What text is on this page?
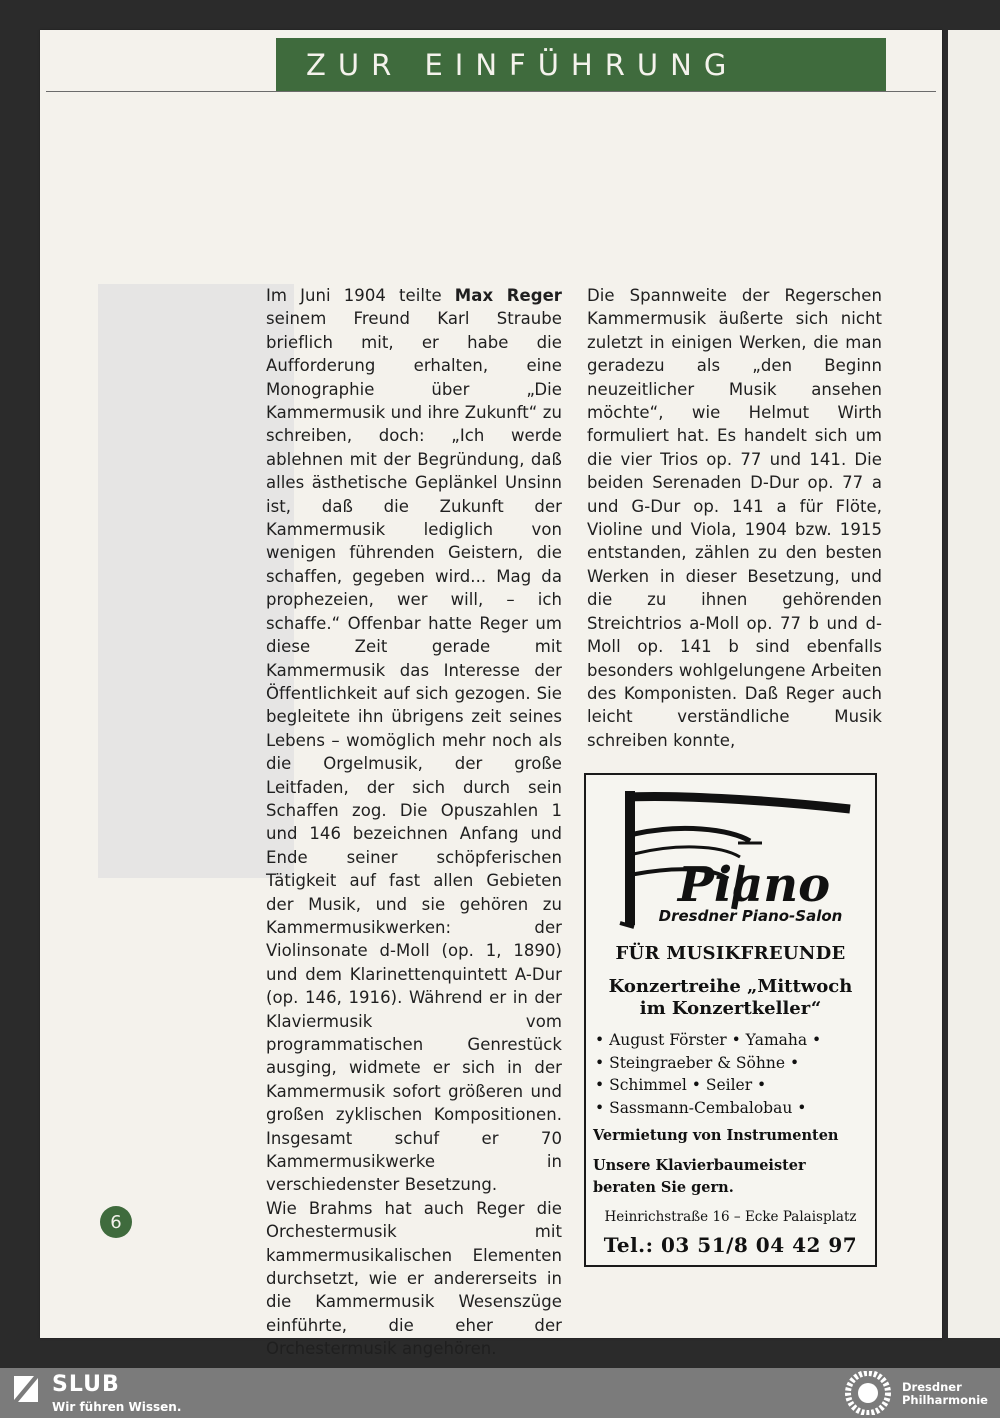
ZUR EINFÜHRUNG

Im Juni 1904 teilte Max Reger seinem Freund Karl Straube brieflich mit, er habe die Aufforderung erhalten, eine Monographie über „Die Kammermusik und ihre Zukunft“ zu schreiben, doch: „Ich werde ablehnen mit der Begründung, daß alles ästhetische Geplänkel Unsinn ist, daß die Zukunft der Kammermusik lediglich von wenigen führenden Geistern, die schaffen, gegeben wird... Mag da prophezeien, wer will, – ich schaffe.“ Offenbar hatte Reger um diese Zeit gerade mit Kammermusik das Interesse der Öffentlichkeit auf sich gezogen. Sie begleitete ihn übrigens zeit seines Lebens – womöglich mehr noch als die Orgelmusik, der große Leitfaden, der sich durch sein Schaffen zog. Die Opuszahlen 1 und 146 bezeichnen Anfang und Ende seiner schöpferischen Tätigkeit auf fast allen Gebieten der Musik, und sie gehören zu Kammermusikwerken: der Violinsonate d-Moll (op. 1, 1890) und dem Klarinettenquintett A-Dur (op. 146, 1916). Während er in der Klaviermusik vom programmatischen Genrestück ausging, widmete er sich in der Kammermusik sofort größeren und großen zyklischen Kompositionen. Insgesamt schuf er 70 Kammermusikwerke in verschiedenster Besetzung.

Wie Brahms hat auch Reger die Orchestermusik mit kammermusikalischen Elementen durchsetzt, wie er andererseits in die Kammermusik Wesenszüge einführte, die eher der Orchestermusik angehören.

Die Spannweite der Regerschen Kammermusik äußerte sich nicht zuletzt in einigen Werken, die man geradezu als „den Beginn neuzeitlicher Musik ansehen möchte“, wie Helmut Wirth formuliert hat. Es handelt sich um die vier Trios op. 77 und 141. Die beiden Serenaden D-Dur op. 77 a und G-Dur op. 141 a für Flöte, Violine und Viola, 1904 bzw. 1915 entstanden, zählen zu den besten Werken in dieser Besetzung, und die zu ihnen gehörenden Streichtrios a-Moll op. 77 b und d-Moll op. 141 b sind ebenfalls besonders wohlgelungene Arbeiten des Komponisten. Daß Reger auch leicht verständliche Musik schreiben konnte,

6
Piano
Dresdner Piano-Salon
FÜR MUSIKFREUNDE
Konzertreihe „Mittwoch
im Konzertkeller“
• August Förster • Yamaha •
• Steingraeber & Söhne •
• Schimmel • Seiler •
• Sassmann-Cembalobau •
Vermietung von Instrumenten
Unsere Klavierbaumeister
beraten Sie gern.
Heinrichstraße 16 – Ecke Palaisplatz
Tel.: 03 51/8 04 42 97
SLUB
Wir führen Wissen.
Dresdner
Philharmonie
